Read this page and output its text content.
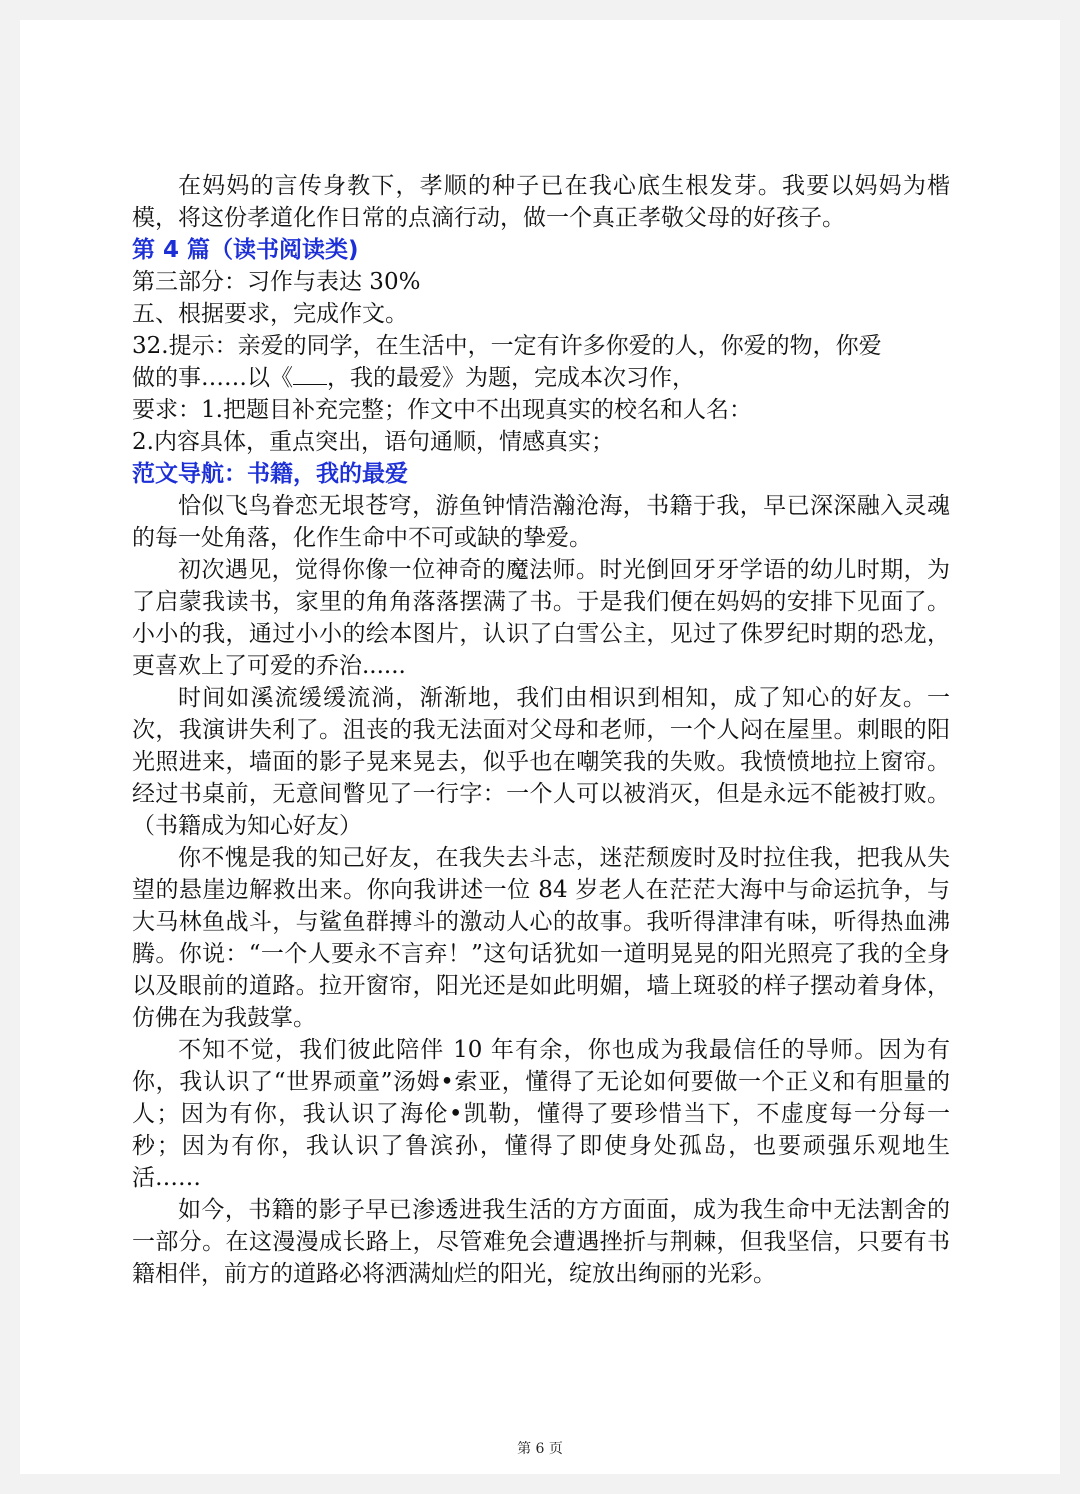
在妈妈的言传身教下，孝顺的种子已在我心底生根发芽。我要以妈妈为楷模，将这份孝道化作日常的点滴行动，做一个真正孝敬父母的好孩子。

第 4 篇（读书阅读类)
第三部分：习作与表达 30%
五、根据要求，完成作文。
32.提示：亲爱的同学，在生活中，一定有许多你爱的人，你爱的物，你爱
做的事……以《 ，我的最爱》为题，完成本次习作，
要求：1.把题目补充完整；作文中不出现真实的校名和人名：
2.内容具体，重点突出，语句通顺，情感真实；
范文导航：书籍，我的最爱

恰似飞鸟眷恋无垠苍穹，游鱼钟情浩瀚沧海，书籍于我，早已深深融入灵魂的每一处角落，化作生命中不可或缺的挚爱。

初次遇见，觉得你像一位神奇的魔法师。时光倒回牙牙学语的幼儿时期，为了启蒙我读书，家里的角角落落摆满了书。于是我们便在妈妈的安排下见面了。小小的我，通过小小的绘本图片，认识了白雪公主，见过了侏罗纪时期的恐龙，更喜欢上了可爱的乔治......

时间如溪流缓缓流淌，渐渐地，我们由相识到相知，成了知心的好友。一次，我演讲失利了。沮丧的我无法面对父母和老师，一个人闷在屋里。刺眼的阳光照进来，墙面的影子晃来晃去，似乎也在嘲笑我的失败。我愤愤地拉上窗帘。经过书桌前，无意间瞥见了一行字：一个人可以被消灭，但是永远不能被打败。（书籍成为知心好友）

你不愧是我的知己好友，在我失去斗志，迷茫颓废时及时拉住我，把我从失望的悬崖边解救出来。你向我讲述一位 84 岁老人在茫茫大海中与命运抗争，与大马林鱼战斗，与鲨鱼群搏斗的激动人心的故事。我听得津津有味，听得热血沸腾。你说：“一个人要永不言弃！”这句话犹如一道明晃晃的阳光照亮了我的全身以及眼前的道路。拉开窗帘，阳光还是如此明媚，墙上斑驳的样子摆动着身体，仿佛在为我鼓掌。

不知不觉，我们彼此陪伴 10 年有余，你也成为我最信任的导师。因为有你，我认识了“世界顽童”汤姆•索亚，懂得了无论如何要做一个正义和有胆量的人；因为有你，我认识了海伦•凯勒，懂得了要珍惜当下，不虚度每一分每一秒；因为有你，我认识了鲁滨孙，懂得了即使身处孤岛，也要顽强乐观地生活……

如今，书籍的影子早已渗透进我生活的方方面面，成为我生命中无法割舍的一部分。在这漫漫成长路上，尽管难免会遭遇挫折与荆棘，但我坚信，只要有书籍相伴，前方的道路必将洒满灿烂的阳光，绽放出绚丽的光彩。

第 6 页
